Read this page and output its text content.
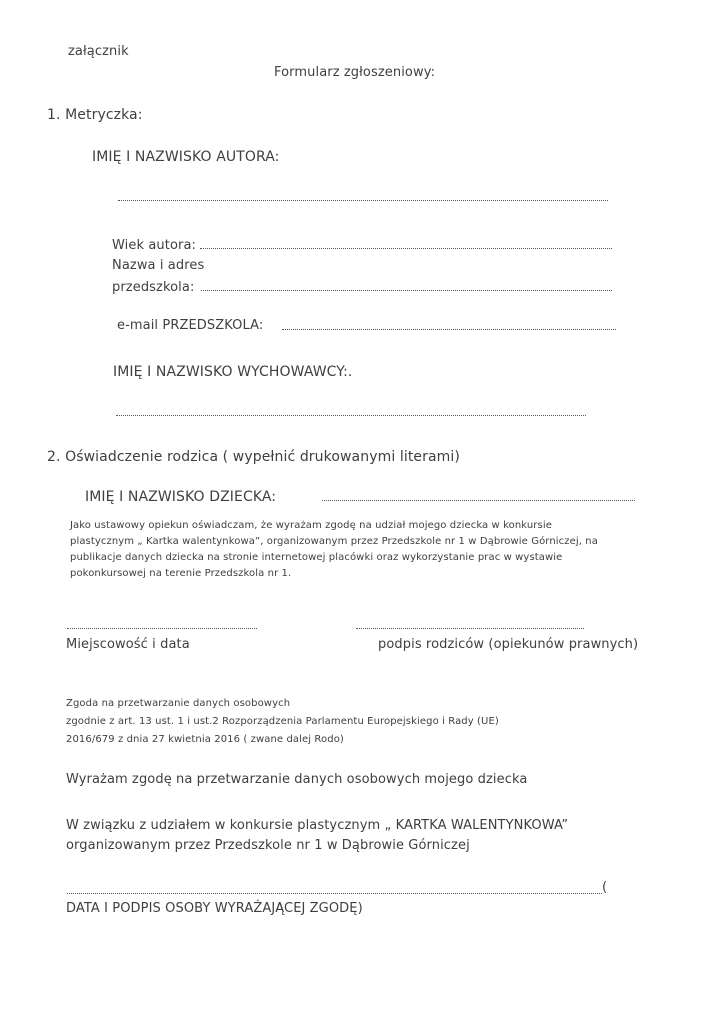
załącznik
Formularz zgłoszeniowy:
1. Metryczka:
IMIĘ I NAZWISKO AUTORA:
Wiek autora:
Nazwa i adres
przedszkola:
e-mail PRZEDSZKOLA:
IMIĘ I NAZWISKO WYCHOWAWCY:.
2. Oświadczenie rodzica ( wypełnić drukowanymi literami)
IMIĘ I NAZWISKO DZIECKA:
Jako ustawowy opiekun oświadczam, że wyrażam zgodę na udział mojego dziecka w konkursie
plastycznym „ Kartka walentynkowa”, organizowanym przez Przedszkole nr 1 w Dąbrowie Górniczej, na
publikacje danych dziecka na stronie internetowej placówki oraz wykorzystanie prac w wystawie
pokonkursowej na terenie Przedszkola nr 1.
Miejscowość i data	podpis rodziców (opiekunów prawnych)
Zgoda na przetwarzanie danych osobowych
zgodnie z art. 13 ust. 1 i ust.2 Rozporządzenia Parlamentu Europejskiego i Rady (UE)
2016/679 z dnia 27 kwietnia 2016 ( zwane dalej Rodo)
Wyrażam zgodę na przetwarzanie danych osobowych mojego dziecka
W związku z udziałem w konkursie plastycznym „ KARTKA WALENTYNKOWA”
organizowanym przez Przedszkole nr 1 w Dąbrowie Górniczej
(
DATA I PODPIS OSOBY WYRAŻAJĄCEJ ZGODĘ)
